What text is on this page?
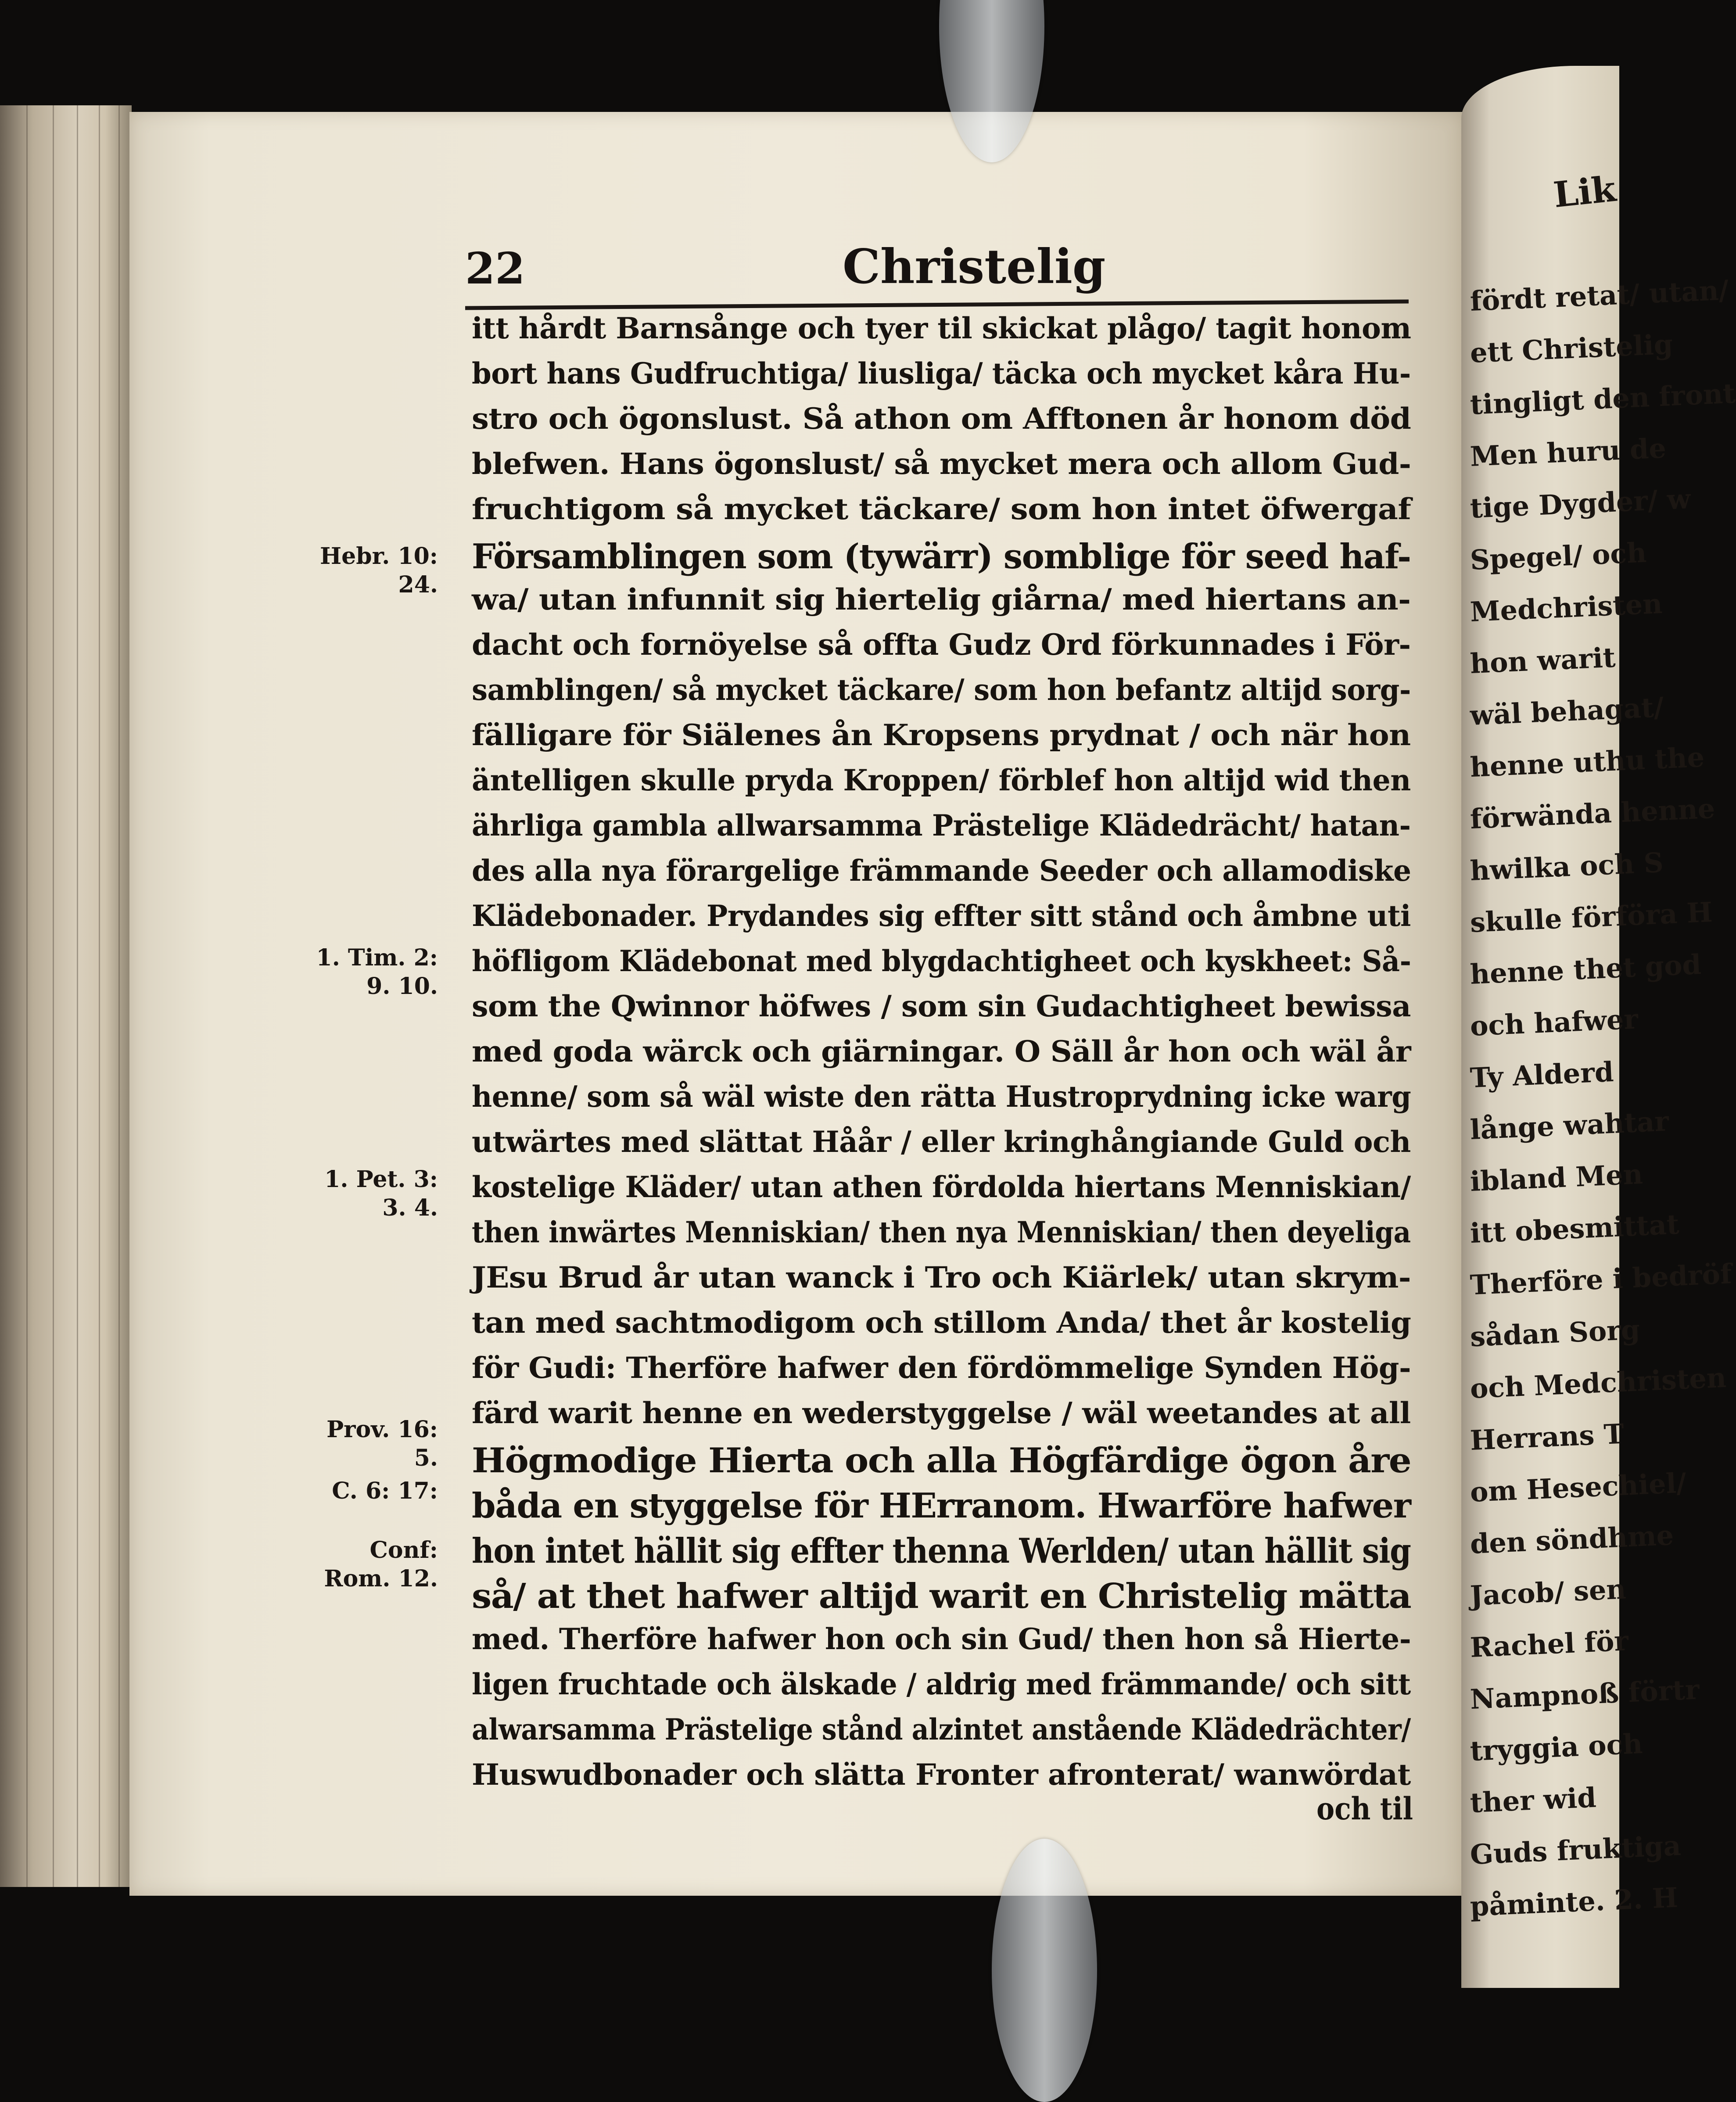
Lik
fördt retat/ utan/
ett Christelig
tingligt den front
Men huru de
tige Dygder/ w
Spegel/ och
Medchristen
hon warit
wäl behagat/
henne uthu the
förwända henne
hwilka och S
skulle förföra H
henne thet god
och hafwer
Ty Alderd
långe wahtar
ibland Men
itt obesmittat
Therföre i bedröf
sådan Sorg
och Medchristen
Herrans T
om Hesechiel/
den söndhme
Jacob/ sen
Rachel för
Nampnoß förtr
tryggia och
ther wid
Guds fruktiga
påminte. 2. H
22	Christelig
itt hårdt Barnsånge och tyer til skickat plågo/ tagit honom
bort hans Gudfruchtiga/ liusliga/ täcka och mycket kåra Hu-
stro och ögonslust. Så athon om Afftonen år honom död
blefwen. Hans ögonslust/ så mycket mera och allom Gud-
fruchtigom så mycket täckare/ som hon intet öfwergaf
Församblingen som (tywärr) somblige för seed haf-
wa/ utan infunnit sig hiertelig giårna/ med hiertans an-
dacht och fornöyelse så offta Gudz Ord förkunnades i För-
samblingen/ så mycket täckare/ som hon befantz altijd sorg-
fälligare för Siälenes ån Kropsens prydnat / och när hon
äntelligen skulle pryda Kroppen/ förblef hon altijd wid then
ährliga gambla allwarsamma Prästelige Klädedrächt/ hatan-
des alla nya förargelige främmande Seeder och allamodiske
Klädebonader. Prydandes sig effter sitt stånd och åmbne uti
höfligom Klädebonat med blygdachtigheet och kyskheet: Så-
som the Qwinnor höfwes / som sin Gudachtigheet bewissa
med goda wärck och giärningar. O Säll år hon och wäl år
henne/ som så wäl wiste den rätta Hustroprydning icke warg
utwärtes med slättat Håår / eller kringhångiande Guld och
kostelige Kläder/ utan athen fördolda hiertans Menniskian/
then inwärtes Menniskian/ then nya Menniskian/ then deyeliga
JEsu Brud år utan wanck i Tro och Kiärlek/ utan skrym-
tan med sachtmodigom och stillom Anda/ thet år kostelig
för Gudi: Therföre hafwer den fördömmelige Synden Hög-
färd warit henne en wederstyggelse / wäl weetandes at all
Högmodige Hierta och alla Högfärdige ögon åre
båda en styggelse för HErranom. Hwarföre hafwer
hon intet hällit sig effter thenna Werlden/ utan hällit sig
så/ at thet hafwer altijd warit en Christelig mätta
med. Therföre hafwer hon och sin Gud/ then hon så Hierte-
ligen fruchtade och älskade / aldrig med främmande/ och sitt
alwarsamma Prästelige stånd alzintet anstående Klädedrächter/
Huswudbonader och slätta Fronter afronterat/ wanwördat
Hebr. 10:
24.
1. Tim. 2:
9. 10.
1. Pet. 3:
3. 4.
Prov. 16:
5.
C. 6: 17:
Conf:
Rom. 12.
och til
